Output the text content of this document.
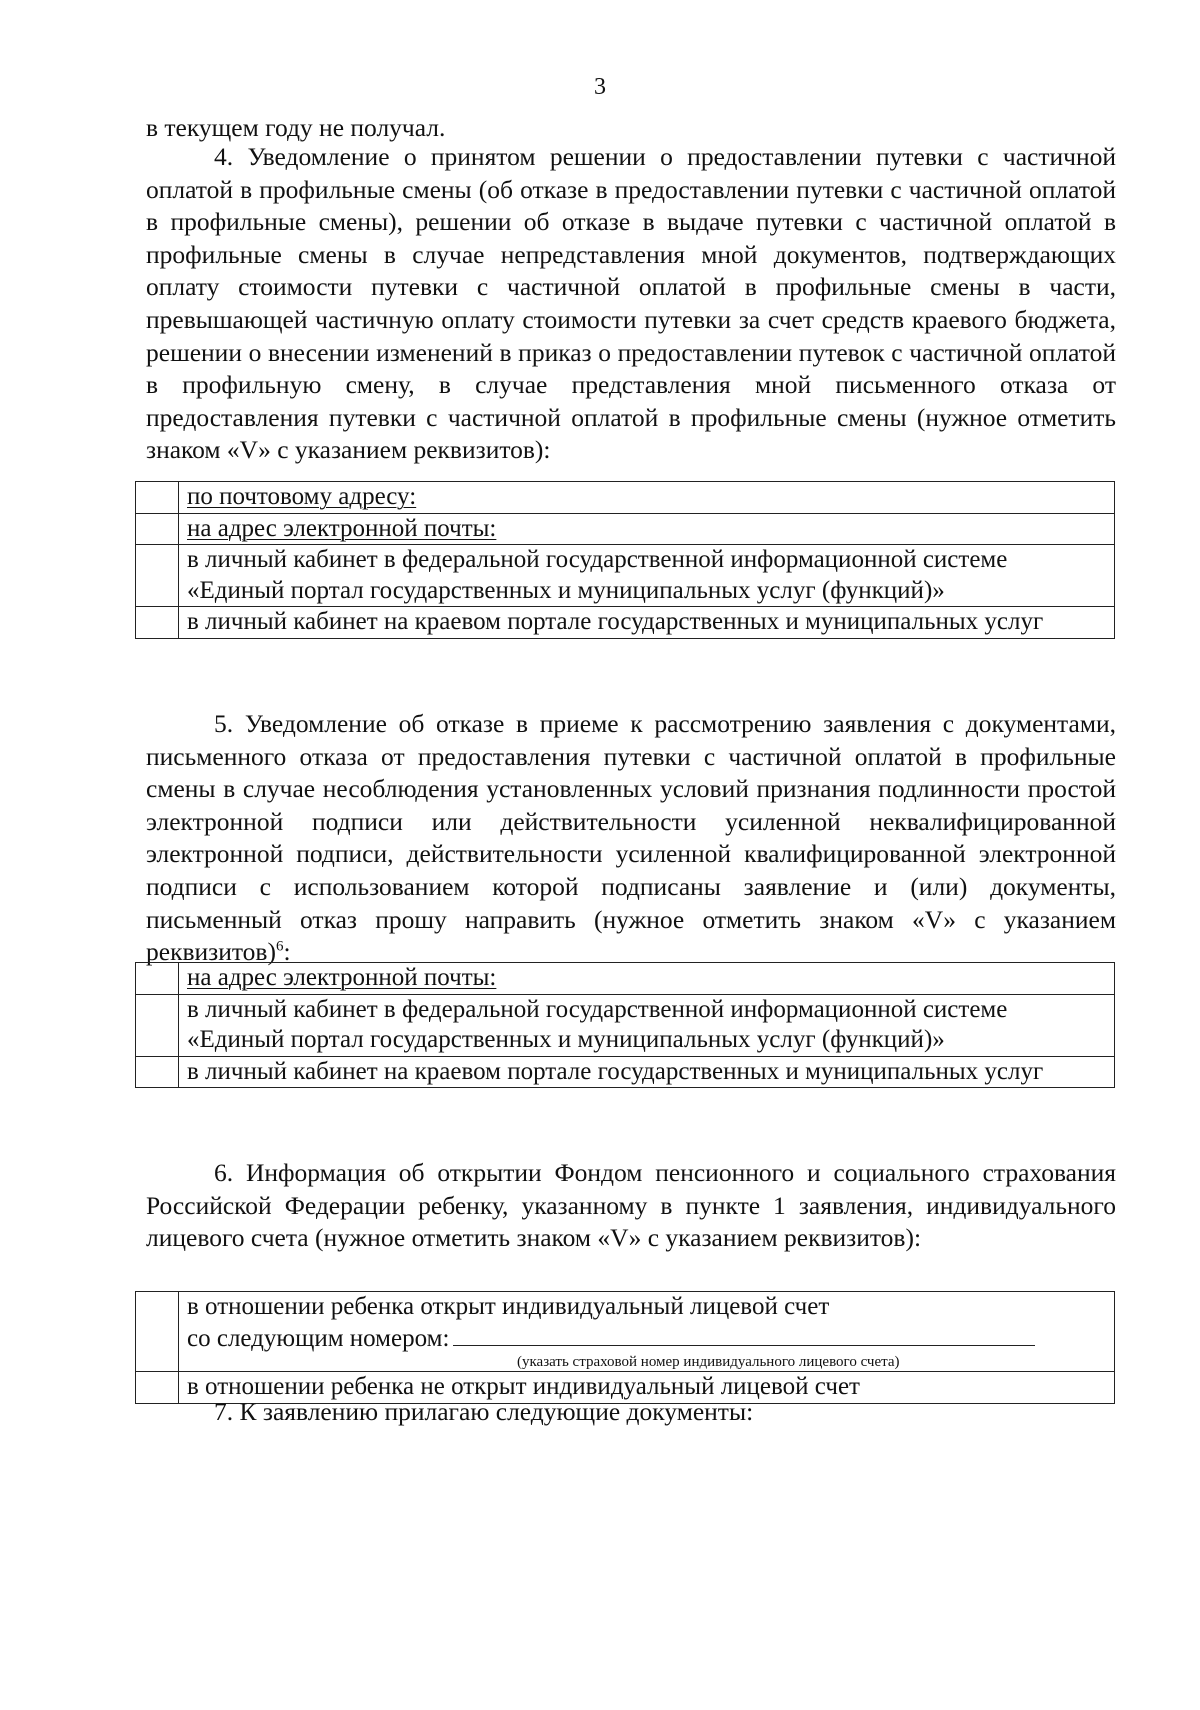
3

в текущем году не получал.

4. Уведомление о принятом решении о предоставлении путевки с частичной оплатой в профильные смены (об отказе в предоставлении путевки с частичной оплатой в профильные смены), решении об отказе в выдаче путевки с частичной оплатой в профильные смены в случае непредставления мной документов, подтверждающих оплату стоимости путевки с частичной оплатой в профильные смены в части, превышающей частичную оплату стоимости путевки за счет средств краевого бюджета, решении о внесении изменений в приказ о предоставлении путевок с частичной оплатой в профильную смену, в случае представления мной письменного отказа от предоставления путевки с частичной оплатой в профильные смены (нужное отметить знаком «V» с указанием реквизитов):

	по почтовому адресу:
	на адрес электронной почты:
	в личный кабинет в федеральной государственной информационной системе «Единый портал государственных и муниципальных услуг (функций)»
	в личный кабинет на краевом портале государственных и муниципальных услуг

5. Уведомление об отказе в приеме к рассмотрению заявления с документами, письменного отказа от предоставления путевки с частичной оплатой в профильные смены в случае несоблюдения установленных условий признания подлинности простой электронной подписи или действительности усиленной неквалифицированной электронной подписи, действительности усиленной квалифицированной электронной подписи с использованием которой подписаны заявление и (или) документы, письменный отказ прошу направить (нужное отметить знаком «V» с указанием реквизитов)$^6$:

	на адрес электронной почты:
	в личный кабинет в федеральной государственной информационной системе «Единый портал государственных и муниципальных услуг (функций)»
	в личный кабинет на краевом портале государственных и муниципальных услуг

6. Информация об открытии Фондом пенсионного и социального страхования Российской Федерации ребенку, указанному в пункте 1 заявления, индивидуального лицевого счета (нужное отметить знаком «V» с указанием реквизитов):

	в отношении ребенка открыт индивидуальный лицевой счет
со следующим номером:
(указать страховой номер индивидуального лицевого счета)

	в отношении ребенка не открыт индивидуальный лицевой счет

7. К заявлению прилагаю следующие документы:
